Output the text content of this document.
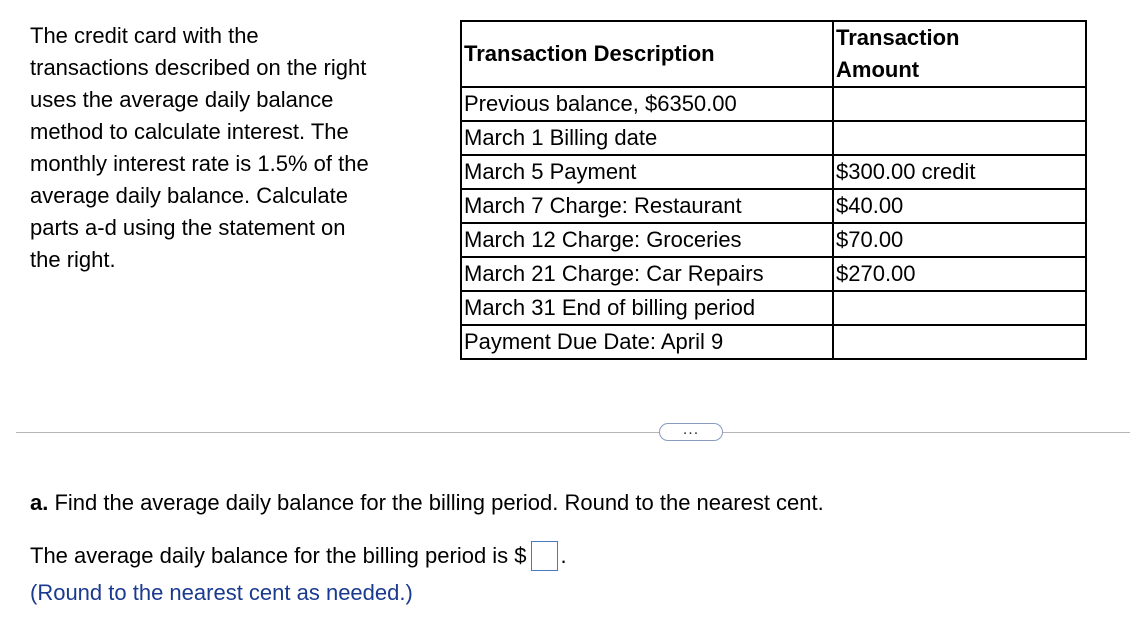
The credit card with the
transactions described on the right
uses the average daily balance
method to calculate interest. The
monthly interest rate is 1.5% of the
average daily balance. Calculate
parts a-d using the statement on
the right.
Transaction Description	Transaction
Amount
Previous balance, $6350.00	
March 1 Billing date	
March 5 Payment	$300.00 credit
March 7 Charge: Restaurant	$40.00
March 12 Charge: Groceries	$70.00
March 21 Charge: Car Repairs	$270.00
March 31 End of billing period	
Payment Due Date: April 9	
...
a. Find the average daily balance for the billing period. Round to the nearest cent.
The average daily balance for the billing period is $ .
(Round to the nearest cent as needed.)
